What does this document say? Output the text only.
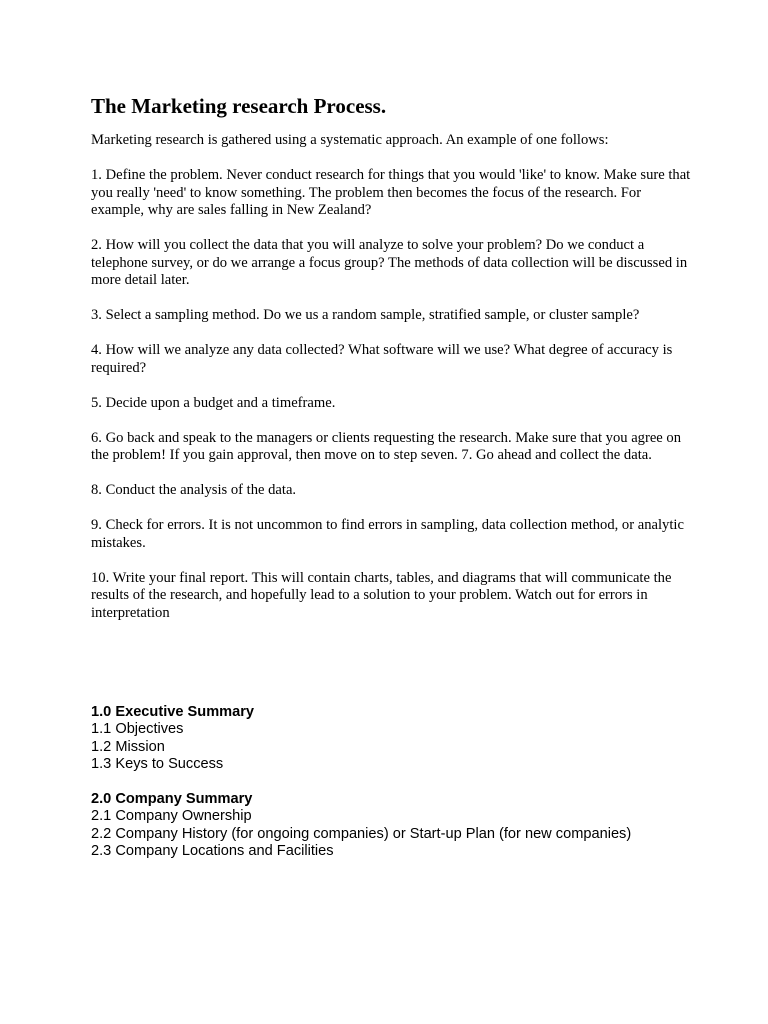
The Marketing research Process.

Marketing research is gathered using a systematic approach. An example of one follows:

1. Define the problem. Never conduct research for things that you would 'like' to know. Make sure that you really 'need' to know something. The problem then becomes the focus of the research. For example, why are sales falling in New Zealand?

2. How will you collect the data that you will analyze to solve your problem? Do we conduct a telephone survey, or do we arrange a focus group? The methods of data collection will be discussed in more detail later.

3. Select a sampling method. Do we us a random sample, stratified sample, or cluster sample?

4. How will we analyze any data collected? What software will we use? What degree of accuracy is required?

5. Decide upon a budget and a timeframe.

6. Go back and speak to the managers or clients requesting the research. Make sure that you agree on the problem! If you gain approval, then move on to step seven. 7. Go ahead and collect the data.

8. Conduct the analysis of the data.

9. Check for errors. It is not uncommon to find errors in sampling, data collection method, or analytic mistakes.

10. Write your final report. This will contain charts, tables, and diagrams that will communicate the results of the research, and hopefully lead to a solution to your problem. Watch out for errors in interpretation

1.0 Executive Summary
1.1 Objectives
1.2 Mission
1.3 Keys to Success
2.0 Company Summary
2.1 Company Ownership
2.2 Company History (for ongoing companies) or Start-up Plan (for new companies)
2.3 Company Locations and Facilities
